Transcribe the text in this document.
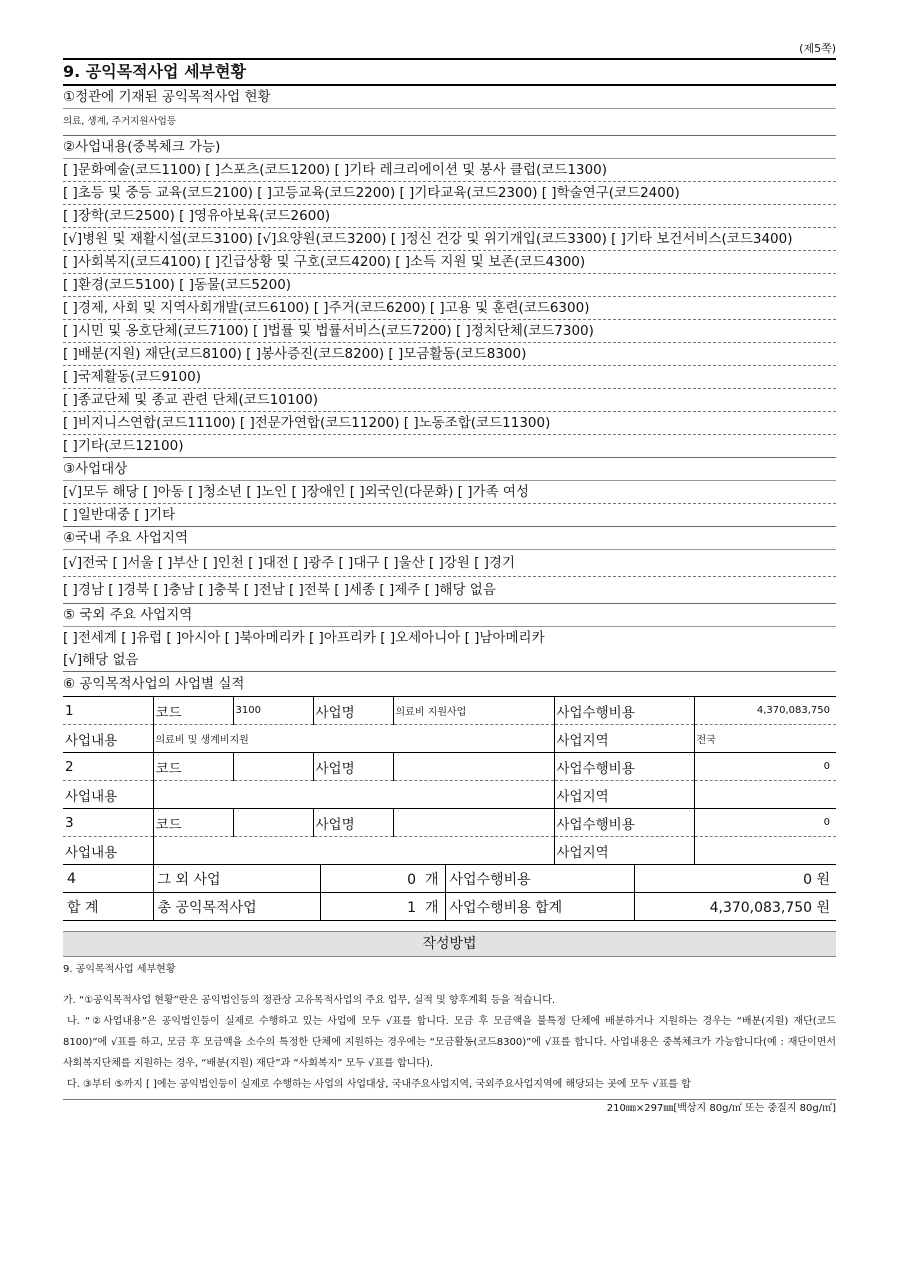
(제5쪽)
9. 공익목적사업 세부현황
①정관에 기재된 공익목적사업 현황
의료, 생계, 주거지원사업등
②사업내용(중복체크 가능)
[ ]문화예술(코드1100) [ ]스포츠(코드1200) [ ]기타 레크리에이션 및 봉사 클럽(코드1300)
[ ]초등 및 중등 교육(코드2100) [ ]고등교육(코드2200) [ ]기타교육(코드2300) [ ]학술연구(코드2400)
[ ]장학(코드2500) [ ]영유아보육(코드2600)
[√]병원 및 재활시설(코드3100) [√]요양원(코드3200) [ ]정신 건강 및 위기개입(코드3300) [ ]기타 보건서비스(코드3400)
[ ]사회복지(코드4100) [ ]긴급상황 및 구호(코드4200) [ ]소득 지원 및 보존(코드4300)
[ ]환경(코드5100) [ ]동물(코드5200)
[ ]경제, 사회 및 지역사회개발(코드6100) [ ]주거(코드6200) [ ]고용 및 훈련(코드6300)
[ ]시민 및 옹호단체(코드7100) [ ]법률 및 법률서비스(코드7200) [ ]정치단체(코드7300)
[ ]배분(지원) 재단(코드8100) [ ]봉사증진(코드8200) [ ]모금활동(코드8300)
[ ]국제활동(코드9100)
[ ]종교단체 및 종교 관련 단체(코드10100)
[ ]비지니스연합(코드11100) [ ]전문가연합(코드11200) [ ]노동조합(코드11300)
[ ]기타(코드12100)
③사업대상
[√]모두 해당 [ ]아동 [ ]청소년 [ ]노인 [ ]장애인 [ ]외국인(다문화) [ ]가족 여성
[ ]일반대중 [ ]기타
④국내 주요 사업지역
[√]전국 [ ]서울 [ ]부산 [ ]인천 [ ]대전 [ ]광주 [ ]대구 [ ]울산 [ ]강원 [ ]경기
[ ]경남 [ ]경북 [ ]충남 [ ]충북 [ ]전남 [ ]전북 [ ]세종 [ ]제주 [ ]해당 없음
⑤ 국외 주요 사업지역
[ ]전세계 [ ]유럽 [ ]아시아 [ ]북아메리카 [ ]아프리카 [ ]오세아니아 [ ]남아메리카
[√]해당 없음
⑥ 공익목적사업의 사업별 실적
1	코드	3100	사업명	의료비 지원사업	사업수행비용	4,370,083,750
사업내용	의료비 및 생계비지원				사업지역	전국
2	코드		사업명		사업수행비용	0
사업내용					사업지역	
3	코드		사업명		사업수행비용	0
사업내용					사업지역	
4	그 외 사업	0 개	사업수행비용	0 원
합 계	총 공익목적사업	1 개	사업수행비용 합계	4,370,083,750 원
작성방법
9. 공익목적사업 세부현황
가. “①공익목적사업 현황”란은 공익법인등의 정관상 고유목적사업의 주요 업무, 실적 및 향후계획 등을 적습니다.
나. “②사업내용”은 공익법인등이 실제로 수행하고 있는 사업에 모두 √표를 합니다. 모금 후 모금액을 불특정 단체에 배분하거나 지원하는 경우는 “배분(지원) 재단(코드8100)”에 √표를 하고, 모금 후 모금액을 소수의 특정한 단체에 지원하는 경우에는 “모금활동(코드8300)”에 √표를 합니다. 사업내용은 중복체크가 가능합니다(예 : 재단이면서 사회복지단체를 지원하는 경우, “배분(지원) 재단”과 “사회복지” 모두 √표를 합니다).
다. ③부터 ⑤까지 [ ]에는 공익법인등이 실제로 수행하는 사업의 사업대상, 국내주요사업지역, 국외주요사업지역에 해당되는 곳에 모두 √표를 합
210㎜×297㎜[백상지 80g/㎡ 또는 중질지 80g/㎡]
